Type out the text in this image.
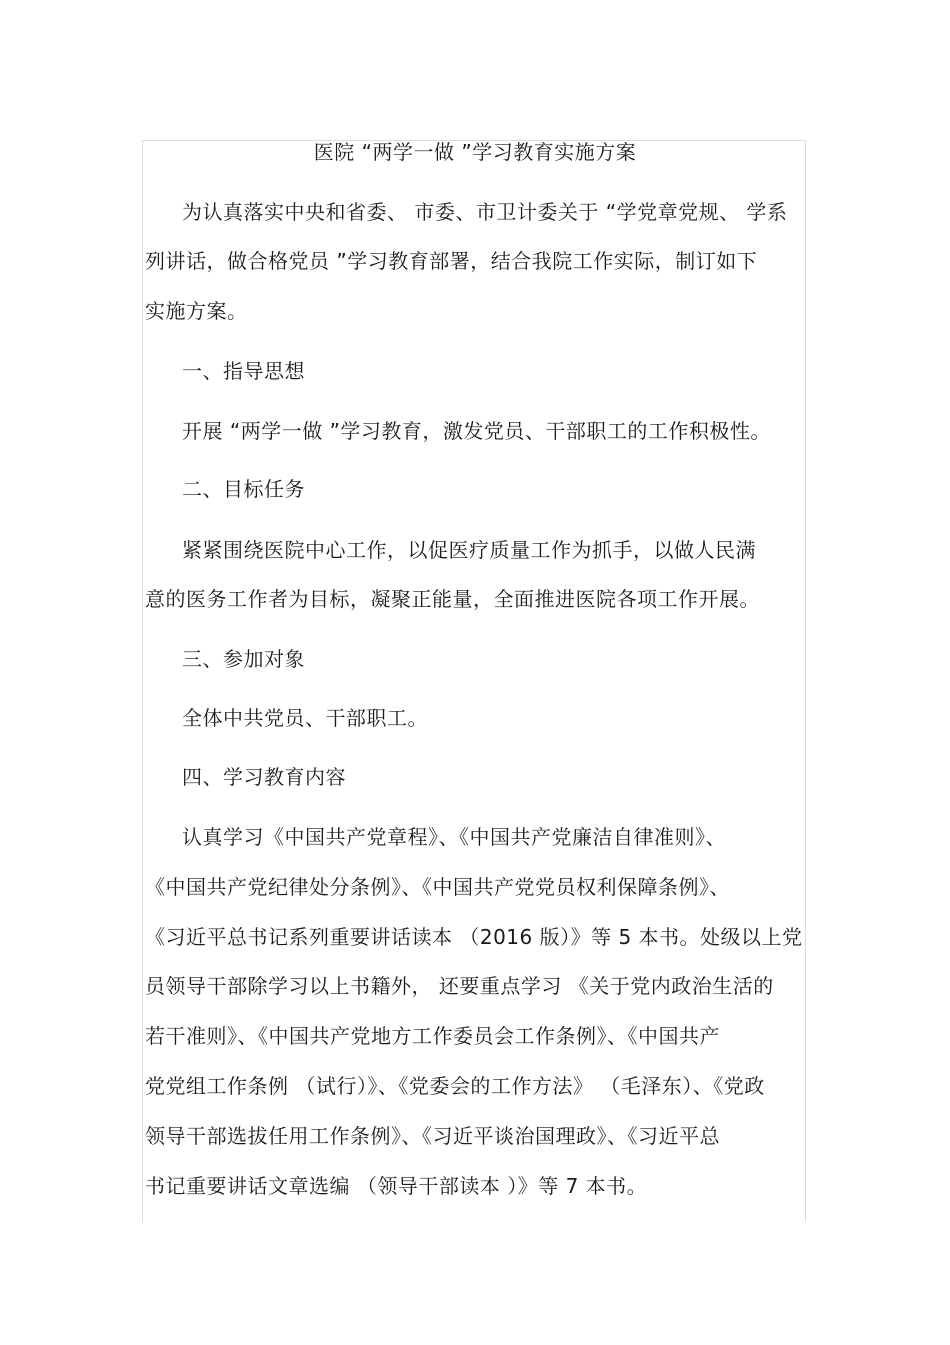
医院 “两学一做 ”学习教育实施方案
为认真落实中央和省委、 市委、市卫计委关于 “学党章党规、 学系
列讲话，做合格党员 ”学习教育部署，结合我院工作实际，制订如下
实施方案。
一、指导思想
开展 “两学一做 ”学习教育，激发党员、干部职工的工作积极性。
二、目标任务
紧紧围绕医院中心工作，以促医疗质量工作为抓手，以做人民满
意的医务工作者为目标，凝聚正能量，全面推进医院各项工作开展。
三、参加对象
全体中共党员、干部职工。
四、学习教育内容
认真学习《中国共产党章程》、《中国共产党廉洁自律准则》、
《中国共产党纪律处分条例》、《中国共产党党员权利保障条例》、
《习近平总书记系列重要讲话读本 （2016 版）》等 5 本书。处级以上党
员领导干部除学习以上书籍外， 还要重点学习 《关于党内政治生活的
若干准则》、《中国共产党地方工作委员会工作条例》、《中国共产
党党组工作条例 （试行）》、《党委会的工作方法》 （毛泽东）、《党政
领导干部选拔任用工作条例》、《习近平谈治国理政》、《习近平总
书记重要讲话文章选编 （领导干部读本 ）》等 7 本书。
